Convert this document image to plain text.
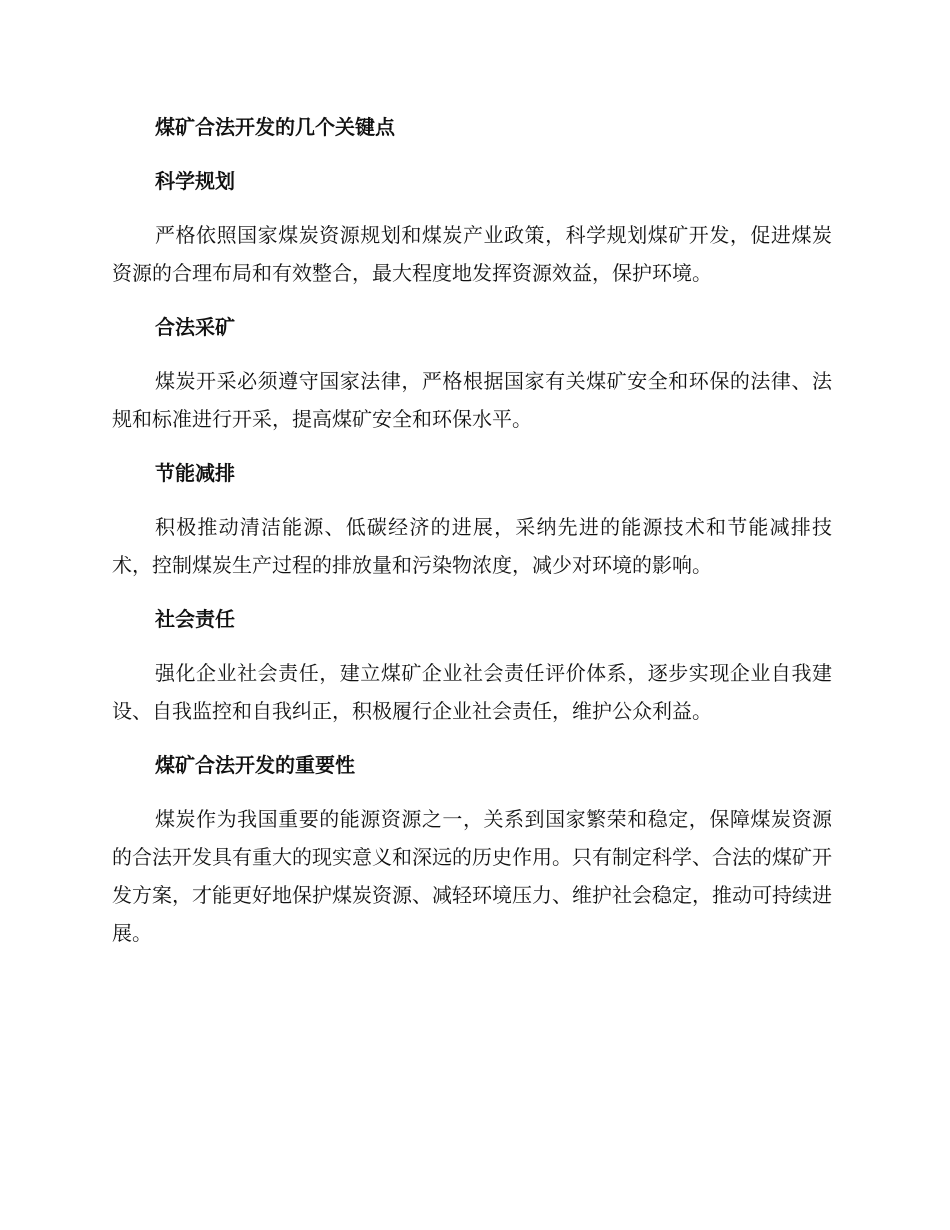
煤矿合法开发的几个关键点
科学规划

严格依照国家煤炭资源规划和煤炭产业政策，科学规划煤矿开发，促进煤炭资源的合理布局和有效整合，最大程度地发挥资源效益，保护环境。

合法采矿

煤炭开采必须遵守国家法律，严格根据国家有关煤矿安全和环保的法律、法规和标准进行开采，提高煤矿安全和环保水平。

节能减排

积极推动清洁能源、低碳经济的进展，采纳先进的能源技术和节能减排技术，控制煤炭生产过程的排放量和污染物浓度，减少对环境的影响。

社会责任

强化企业社会责任，建立煤矿企业社会责任评价体系，逐步实现企业自我建设、自我监控和自我纠正，积极履行企业社会责任，维护公众利益。

煤矿合法开发的重要性

煤炭作为我国重要的能源资源之一，关系到国家繁荣和稳定，保障煤炭资源的合法开发具有重大的现实意义和深远的历史作用。只有制定科学、合法的煤矿开发方案，才能更好地保护煤炭资源、减轻环境压力、维护社会稳定，推动可持续进展。
